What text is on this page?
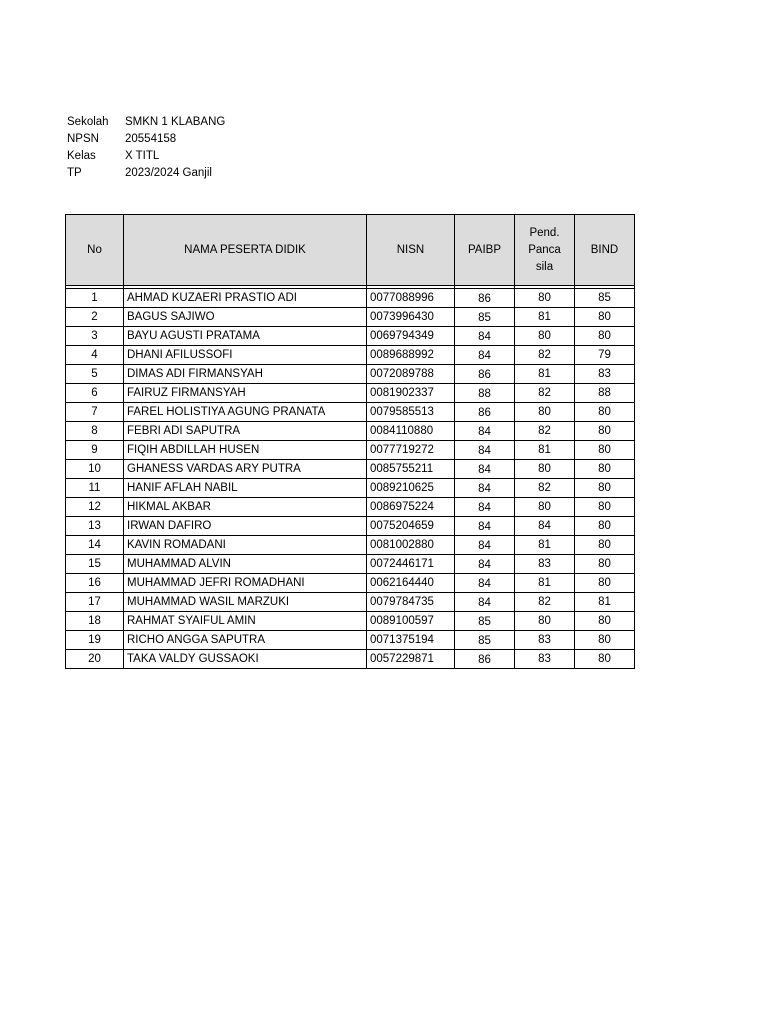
Sekolah	SMKN 1 KLABANG
NPSN	20554158
Kelas	X TITL
TP	2023/2024 Ganjil
No	NAMA PESERTA DIDIK	NISN	PAIBP	Pend. Panca sila	BIND

1	AHMAD KUZAERI PRASTIO ADI	0077088996	86	80	85
2	BAGUS SAJIWO	0073996430	85	81	80
3	BAYU AGUSTI PRATAMA	0069794349	84	80	80
4	DHANI AFILUSSOFI	0089688992	84	82	79
5	DIMAS ADI FIRMANSYAH	0072089788	86	81	83
6	FAIRUZ FIRMANSYAH	0081902337	88	82	88
7	FAREL HOLISTIYA AGUNG PRANATA	0079585513	86	80	80
8	FEBRI ADI SAPUTRA	0084110880	84	82	80
9	FIQIH ABDILLAH HUSEN	0077719272	84	81	80
10	GHANESS VARDAS ARY PUTRA	0085755211	84	80	80
11	HANIF AFLAH NABIL	0089210625	84	82	80
12	HIKMAL AKBAR	0086975224	84	80	80
13	IRWAN DAFIRO	0075204659	84	84	80
14	KAVIN ROMADANI	0081002880	84	81	80
15	MUHAMMAD ALVIN	0072446171	84	83	80
16	MUHAMMAD JEFRI ROMADHANI	0062164440	84	81	80
17	MUHAMMAD WASIL MARZUKI	0079784735	84	82	81
18	RAHMAT SYAIFUL AMIN	0089100597	85	80	80
19	RICHO ANGGA SAPUTRA	0071375194	85	83	80
20	TAKA VALDY GUSSAOKI	0057229871	86	83	80
